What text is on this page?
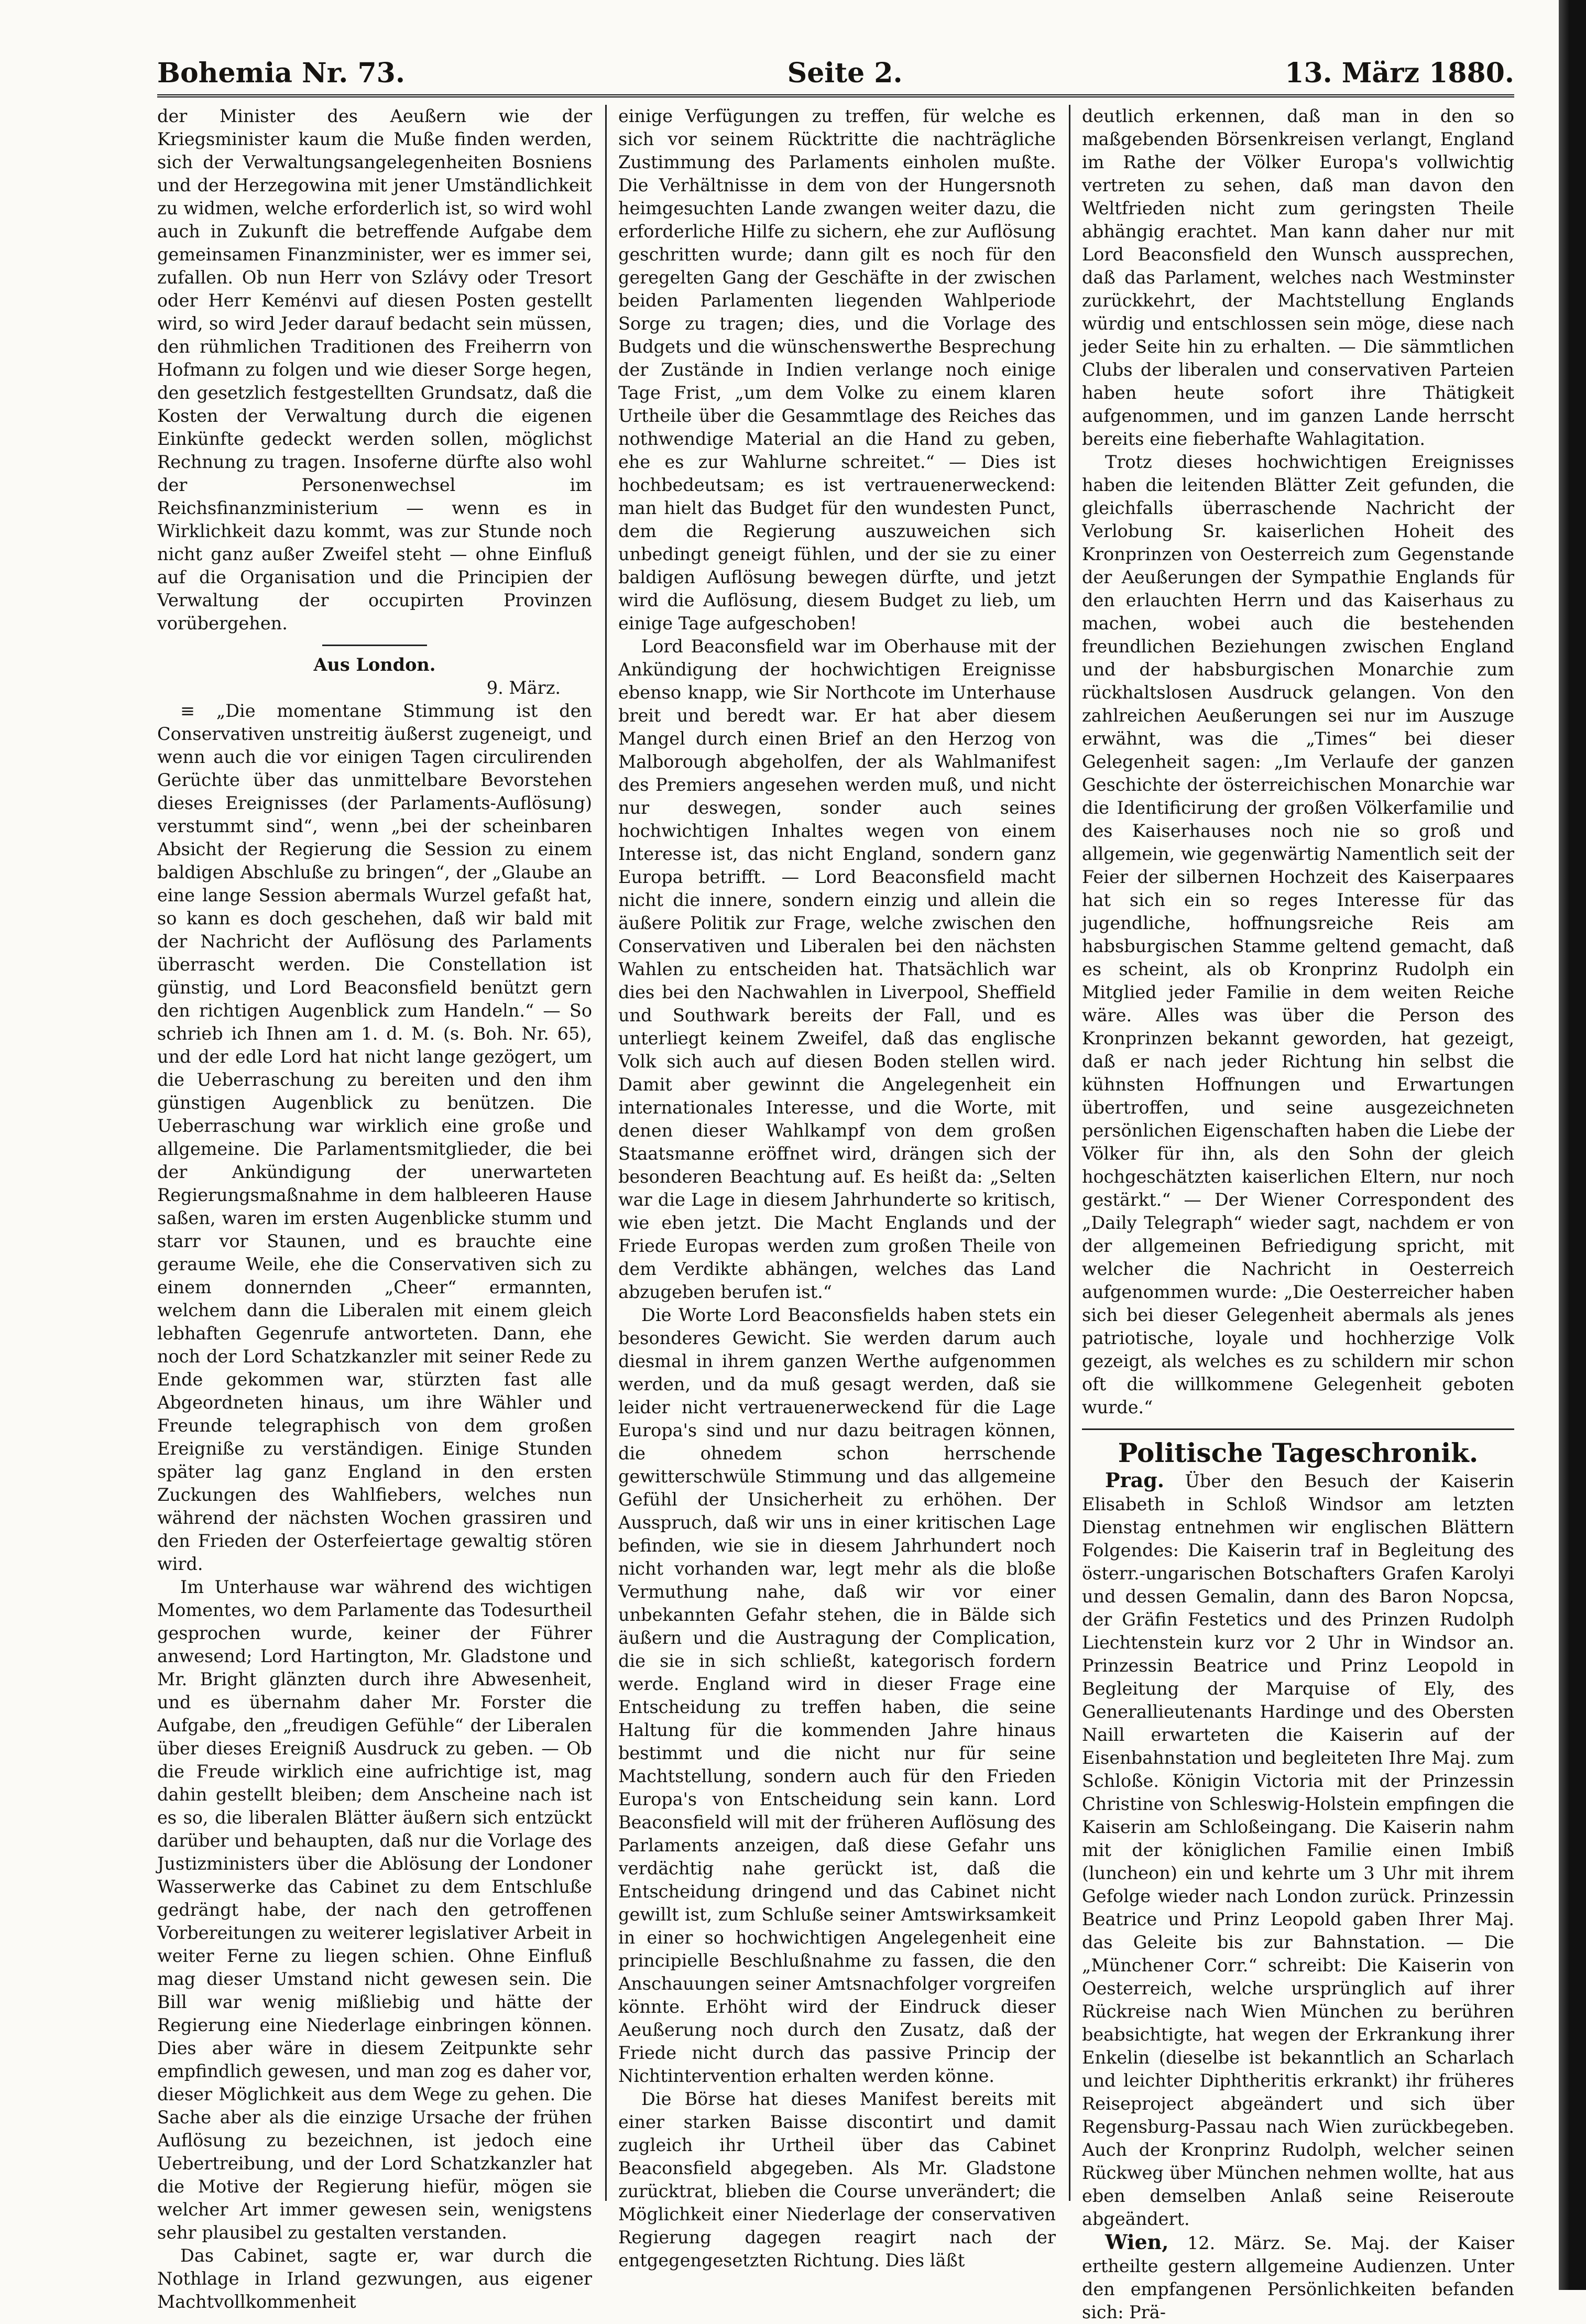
Bohemia Nr. 73.	Seite 2.	13. März 1880.

der Minister des Aeußern wie der Kriegsminister kaum die Muße finden werden, sich der Verwaltungsangelegenheiten Bosniens und der Herzegowina mit jener Umständlichkeit zu widmen, welche erforderlich ist, so wird wohl auch in Zukunft die betreffende Aufgabe dem gemeinsamen Finanzminister, wer es immer sei, zufallen. Ob nun Herr von Szlávy oder Tresort oder Herr Keménvi auf diesen Posten gestellt wird, so wird Jeder darauf bedacht sein müssen, den rühmlichen Traditionen des Freiherrn von Hofmann zu folgen und wie dieser Sorge hegen, den gesetzlich festgestellten Grundsatz, daß die Kosten der Verwaltung durch die eigenen Einkünfte gedeckt werden sollen, möglichst Rechnung zu tragen. Insoferne dürfte also wohl der Personenwechsel im Reichsfinanzministerium — wenn es in Wirklichkeit dazu kommt, was zur Stunde noch nicht ganz außer Zweifel steht — ohne Einfluß auf die Organisation und die Principien der Verwaltung der occupirten Provinzen vorübergehen.

Aus London.

9. März.

≡ „Die momentane Stimmung ist den Conservativen unstreitig äußerst zugeneigt, und wenn auch die vor einigen Tagen circulirenden Gerüchte über das unmittelbare Bevorstehen dieses Ereignisses (der Parlaments-Auflösung) verstummt sind“, wenn „bei der scheinbaren Absicht der Regierung die Session zu einem baldigen Abschluße zu bringen“, der „Glaube an eine lange Session abermals Wurzel gefaßt hat, so kann es doch geschehen, daß wir bald mit der Nachricht der Auflösung des Parlaments überrascht werden. Die Constellation ist günstig, und Lord Beaconsfield benützt gern den richtigen Augenblick zum Handeln.“ — So schrieb ich Ihnen am 1. d. M. (s. Boh. Nr. 65), und der edle Lord hat nicht lange gezögert, um die Ueberraschung zu bereiten und den ihm günstigen Augenblick zu benützen. Die Ueberraschung war wirklich eine große und allgemeine. Die Parlamentsmitglieder, die bei der Ankündigung der unerwarteten Regierungsmaßnahme in dem halbleeren Hause saßen, waren im ersten Augenblicke stumm und starr vor Staunen, und es brauchte eine geraume Weile, ehe die Conservativen sich zu einem donnernden „Cheer“ ermannten, welchem dann die Liberalen mit einem gleich lebhaften Gegenrufe antworteten. Dann, ehe noch der Lord Schatzkanzler mit seiner Rede zu Ende gekommen war, stürzten fast alle Abgeordneten hinaus, um ihre Wähler und Freunde telegraphisch von dem großen Ereigniße zu verständigen. Einige Stunden später lag ganz England in den ersten Zuckungen des Wahlfiebers, welches nun während der nächsten Wochen grassiren und den Frieden der Osterfeiertage gewaltig stören wird.

Im Unterhause war während des wichtigen Momentes, wo dem Parlamente das Todesurtheil gesprochen wurde, keiner der Führer anwesend; Lord Hartington, Mr. Gladstone und Mr. Bright glänzten durch ihre Abwesenheit, und es übernahm daher Mr. Forster die Aufgabe, den „freudigen Gefühle“ der Liberalen über dieses Ereigniß Ausdruck zu geben. — Ob die Freude wirklich eine aufrichtige ist, mag dahin gestellt bleiben; dem Anscheine nach ist es so, die liberalen Blätter äußern sich entzückt darüber und behaupten, daß nur die Vorlage des Justizministers über die Ablösung der Londoner Wasserwerke das Cabinet zu dem Entschluße gedrängt habe, der nach den getroffenen Vorbereitungen zu weiterer legislativer Arbeit in weiter Ferne zu liegen schien. Ohne Einfluß mag dieser Umstand nicht gewesen sein. Die Bill war wenig mißliebig und hätte der Regierung eine Niederlage einbringen können. Dies aber wäre in diesem Zeitpunkte sehr empfindlich gewesen, und man zog es daher vor, dieser Möglichkeit aus dem Wege zu gehen. Die Sache aber als die einzige Ursache der frühen Auflösung zu bezeichnen, ist jedoch eine Uebertreibung, und der Lord Schatzkanzler hat die Motive der Regierung hiefür, mögen sie welcher Art immer gewesen sein, wenigstens sehr plausibel zu gestalten verstanden.

Das Cabinet, sagte er, war durch die Nothlage in Irland gezwungen, aus eigener Machtvollkommenheit

einige Verfügungen zu treffen, für welche es sich vor seinem Rücktritte die nachträgliche Zustimmung des Parlaments einholen mußte. Die Verhältnisse in dem von der Hungersnoth heimgesuchten Lande zwangen weiter dazu, die erforderliche Hilfe zu sichern, ehe zur Auflösung geschritten wurde; dann gilt es noch für den geregelten Gang der Geschäfte in der zwischen beiden Parlamenten liegenden Wahlperiode Sorge zu tragen; dies, und die Vorlage des Budgets und die wünschenswerthe Besprechung der Zustände in Indien verlange noch einige Tage Frist, „um dem Volke zu einem klaren Urtheile über die Gesammtlage des Reiches das nothwendige Material an die Hand zu geben, ehe es zur Wahlurne schreitet.“ — Dies ist hochbedeutsam; es ist vertrauenerweckend: man hielt das Budget für den wundesten Punct, dem die Regierung auszuweichen sich unbedingt geneigt fühlen, und der sie zu einer baldigen Auflösung bewegen dürfte, und jetzt wird die Auflösung, diesem Budget zu lieb, um einige Tage aufgeschoben!

Lord Beaconsfield war im Oberhause mit der Ankündigung der hochwichtigen Ereignisse ebenso knapp, wie Sir Northcote im Unterhause breit und beredt war. Er hat aber diesem Mangel durch einen Brief an den Herzog von Malborough abgeholfen, der als Wahlmanifest des Premiers angesehen werden muß, und nicht nur deswegen, sonder auch seines hochwichtigen Inhaltes wegen von einem Interesse ist, das nicht England, sondern ganz Europa betrifft. — Lord Beaconsfield macht nicht die innere, sondern einzig und allein die äußere Politik zur Frage, welche zwischen den Conservativen und Liberalen bei den nächsten Wahlen zu entscheiden hat. Thatsächlich war dies bei den Nachwahlen in Liverpool, Sheffield und Southwark bereits der Fall, und es unterliegt keinem Zweifel, daß das englische Volk sich auch auf diesen Boden stellen wird. Damit aber gewinnt die Angelegenheit ein internationales Interesse, und die Worte, mit denen dieser Wahlkampf von dem großen Staatsmanne eröffnet wird, drängen sich der besonderen Beachtung auf. Es heißt da: „Selten war die Lage in diesem Jahrhunderte so kritisch, wie eben jetzt. Die Macht Englands und der Friede Europas werden zum großen Theile von dem Verdikte abhängen, welches das Land abzugeben berufen ist.“

Die Worte Lord Beaconsfields haben stets ein besonderes Gewicht. Sie werden darum auch diesmal in ihrem ganzen Werthe aufgenommen werden, und da muß gesagt werden, daß sie leider nicht vertrauenerweckend für die Lage Europa's sind und nur dazu beitragen können, die ohnedem schon herrschende gewitterschwüle Stimmung und das allgemeine Gefühl der Unsicherheit zu erhöhen. Der Ausspruch, daß wir uns in einer kritischen Lage befinden, wie sie in diesem Jahrhundert noch nicht vorhanden war, legt mehr als die bloße Vermuthung nahe, daß wir vor einer unbekannten Gefahr stehen, die in Bälde sich äußern und die Austragung der Complication, die sie in sich schließt, kategorisch fordern werde. England wird in dieser Frage eine Entscheidung zu treffen haben, die seine Haltung für die kommenden Jahre hinaus bestimmt und die nicht nur für seine Machtstellung, sondern auch für den Frieden Europa's von Entscheidung sein kann. Lord Beaconsfield will mit der früheren Auflösung des Parlaments anzeigen, daß diese Gefahr uns verdächtig nahe gerückt ist, daß die Entscheidung dringend und das Cabinet nicht gewillt ist, zum Schluße seiner Amtswirksamkeit in einer so hochwichtigen Angelegenheit eine principielle Beschlußnahme zu fassen, die den Anschauungen seiner Amtsnachfolger vorgreifen könnte. Erhöht wird der Eindruck dieser Aeußerung noch durch den Zusatz, daß der Friede nicht durch das passive Princip der Nichtintervention erhalten werden könne.

Die Börse hat dieses Manifest bereits mit einer starken Baisse discontirt und damit zugleich ihr Urtheil über das Cabinet Beaconsfield abgegeben. Als Mr. Gladstone zurücktrat, blieben die Course unverändert; die Möglichkeit einer Niederlage der conservativen Regierung dagegen reagirt nach der entgegengesetzten Richtung. Dies läßt

deutlich erkennen, daß man in den so maßgebenden Börsenkreisen verlangt, England im Rathe der Völker Europa's vollwichtig vertreten zu sehen, daß man davon den Weltfrieden nicht zum geringsten Theile abhängig erachtet. Man kann daher nur mit Lord Beaconsfield den Wunsch aussprechen, daß das Parlament, welches nach Westminster zurückkehrt, der Machtstellung Englands würdig und entschlossen sein möge, diese nach jeder Seite hin zu erhalten. — Die sämmtlichen Clubs der liberalen und conservativen Parteien haben heute sofort ihre Thätigkeit aufgenommen, und im ganzen Lande herrscht bereits eine fieberhafte Wahlagitation.

Trotz dieses hochwichtigen Ereignisses haben die leitenden Blätter Zeit gefunden, die gleichfalls überraschende Nachricht der Verlobung Sr. kaiserlichen Hoheit des Kronprinzen von Oesterreich zum Gegenstande der Aeußerungen der Sympathie Englands für den erlauchten Herrn und das Kaiserhaus zu machen, wobei auch die bestehenden freundlichen Beziehungen zwischen England und der habsburgischen Monarchie zum rückhaltslosen Ausdruck gelangen. Von den zahlreichen Aeußerungen sei nur im Auszuge erwähnt, was die „Times“ bei dieser Gelegenheit sagen: „Im Verlaufe der ganzen Geschichte der österreichischen Monarchie war die Identificirung der großen Völkerfamilie und des Kaiserhauses noch nie so groß und allgemein, wie gegenwärtig Namentlich seit der Feier der silbernen Hochzeit des Kaiserpaares hat sich ein so reges Interesse für das jugendliche, hoffnungsreiche Reis am habsburgischen Stamme geltend gemacht, daß es scheint, als ob Kronprinz Rudolph ein Mitglied jeder Familie in dem weiten Reiche wäre. Alles was über die Person des Kronprinzen bekannt geworden, hat gezeigt, daß er nach jeder Richtung hin selbst die kühnsten Hoffnungen und Erwartungen übertroffen, und seine ausgezeichneten persönlichen Eigenschaften haben die Liebe der Völker für ihn, als den Sohn der gleich hochgeschätzten kaiserlichen Eltern, nur noch gestärkt.“ — Der Wiener Correspondent des „Daily Telegraph“ wieder sagt, nachdem er von der allgemeinen Befriedigung spricht, mit welcher die Nachricht in Oesterreich aufgenommen wurde: „Die Oesterreicher haben sich bei dieser Gelegenheit abermals als jenes patriotische, loyale und hochherzige Volk gezeigt, als welches es zu schildern mir schon oft die willkommene Gelegenheit geboten wurde.“

Politische Tageschronik.

Prag. Über den Besuch der Kaiserin Elisabeth in Schloß Windsor am letzten Dienstag entnehmen wir englischen Blättern Folgendes: Die Kaiserin traf in Begleitung des österr.-ungarischen Botschafters Grafen Karolyi und dessen Gemalin, dann des Baron Nopcsa, der Gräfin Festetics und des Prinzen Rudolph Liechtenstein kurz vor 2 Uhr in Windsor an. Prinzessin Beatrice und Prinz Leopold in Begleitung der Marquise of Ely, des Generallieutenants Hardinge und des Obersten Naill erwarteten die Kaiserin auf der Eisenbahnstation und begleiteten Ihre Maj. zum Schloße. Königin Victoria mit der Prinzessin Christine von Schleswig-Holstein empfingen die Kaiserin am Schloßeingang. Die Kaiserin nahm mit der königlichen Familie einen Imbiß (luncheon) ein und kehrte um 3 Uhr mit ihrem Gefolge wieder nach London zurück. Prinzessin Beatrice und Prinz Leopold gaben Ihrer Maj. das Geleite bis zur Bahnstation. — Die „Münchener Corr.“ schreibt: Die Kaiserin von Oesterreich, welche ursprünglich auf ihrer Rückreise nach Wien München zu berühren beabsichtigte, hat wegen der Erkrankung ihrer Enkelin (dieselbe ist bekanntlich an Scharlach und leichter Diphtheritis erkrankt) ihr früheres Reiseproject abgeändert und sich über Regensburg-Passau nach Wien zurückbegeben. Auch der Kronprinz Rudolph, welcher seinen Rückweg über München nehmen wollte, hat aus eben demselben Anlaß seine Reiseroute abgeändert.

Wien, 12. März. Se. Maj. der Kaiser ertheilte gestern allgemeine Audienzen. Unter den empfangenen Persönlichkeiten befanden sich: Prä-
